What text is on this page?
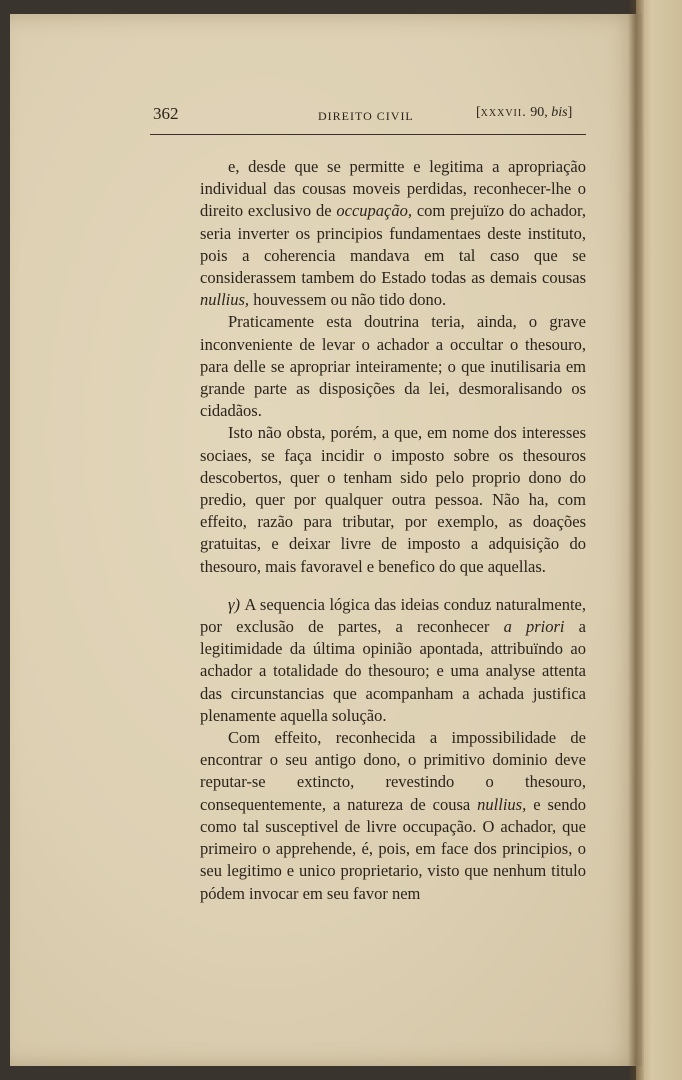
362	DIREITO CIVIL	[xxxvii. 90, bis]

e, desde que se permitte e legitima a apropriação individual das cousas moveis perdidas, reconhecer-lhe o direito exclusivo de occupação, com prejuïzo do achador, seria inverter os principios fundamentaes deste instituto, pois a coherencia mandava em tal caso que se considerassem tambem do Estado todas as demais cousas nullius, houvessem ou não tido dono.

Praticamente esta doutrina teria, ainda, o grave inconveniente de levar o achador a occultar o thesouro, para delle se apropriar inteiramente; o que inutilisaria em grande parte as disposições da lei, desmoralisando os cidadãos.

Isto não obsta, porém, a que, em nome dos interesses sociaes, se faça incidir o imposto sobre os thesouros descobertos, quer o tenham sido pelo proprio dono do predio, quer por qualquer outra pessoa. Não ha, com effeito, razão para tributar, por exemplo, as doações gratuitas, e deixar livre de imposto a adquisição do thesouro, mais favoravel e benefico do que aquellas.

γ) A sequencia lógica das ideias conduz naturalmente, por exclusão de partes, a reconhecer a priori a legitimidade da última opinião apontada, attribuïndo ao achador a totalidade do thesouro; e uma analyse attenta das circunstancias que acompanham a achada justifica plenamente aquella solução.

Com effeito, reconhecida a impossibilidade de encontrar o seu antigo dono, o primitivo dominio deve reputar-se extincto, revestindo o thesouro, consequentemente, a natureza de cousa nullius, e sendo como tal susceptivel de livre occupação. O achador, que primeiro o apprehende, é, pois, em face dos principios, o seu legitimo e unico proprietario, visto que nenhum titulo pódem invocar em seu favor nem
